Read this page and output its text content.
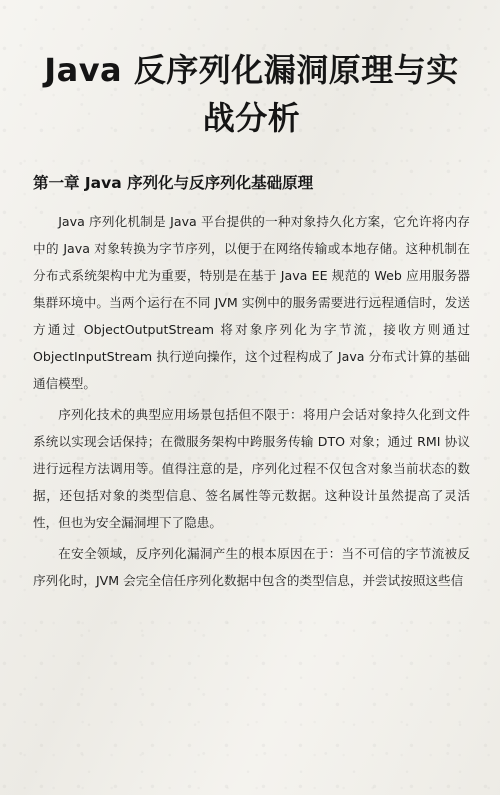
Java 反序列化漏洞原理与实战分析
第一章 Java 序列化与反序列化基础原理

Java 序列化机制是 Java 平台提供的一种对象持久化方案，它允许将内存中的 Java 对象转换为字节序列，以便于在网络传输或本地存储。这种机制在分布式系统架构中尤为重要，特别是在基于 Java EE 规范的 Web 应用服务器集群环境中。当两个运行在不同 JVM 实例中的服务需要进行远程通信时，发送方通过 ObjectOutputStream 将对象序列化为字节流，接收方则通过 ObjectInputStream 执行逆向操作，这个过程构成了 Java 分布式计算的基础通信模型。

序列化技术的典型应用场景包括但不限于：将用户会话对象持久化到文件系统以实现会话保持；在微服务架构中跨服务传输 DTO 对象；通过 RMI 协议进行远程方法调用等。值得注意的是，序列化过程不仅包含对象当前状态的数据，还包括对象的类型信息、签名属性等元数据。这种设计虽然提高了灵活性，但也为安全漏洞埋下了隐患。

在安全领域，反序列化漏洞产生的根本原因在于：当不可信的字节流被反序列化时，JVM 会完全信任序列化数据中包含的类型信息，并尝试按照这些信
